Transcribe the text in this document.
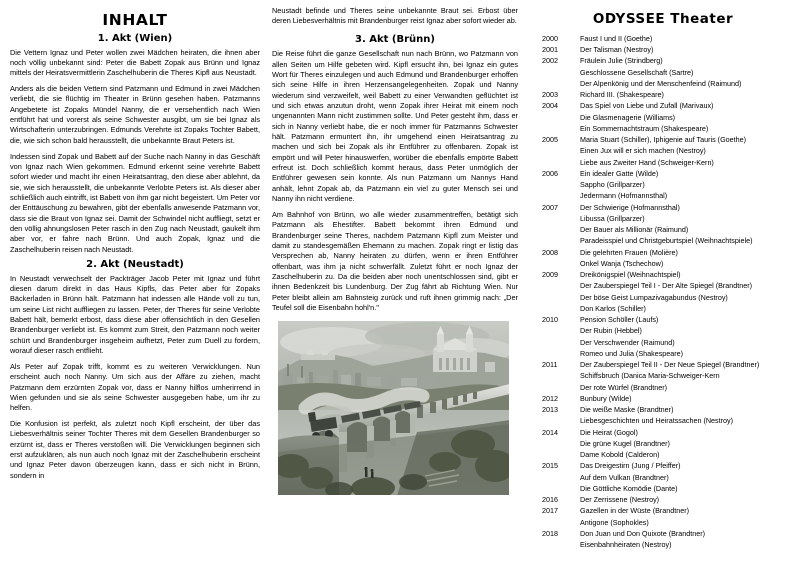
INHALT
1. Akt (Wien)

Die Vettern Ignaz und Peter wollen zwei Mädchen heiraten, die ihnen aber noch völlig unbekannt sind: Peter die Babett Zopak aus Brünn und Ignaz mittels der Heiratsvermittlerin Zaschelhuberin die Theres Kipfl aus Neustadt.

Anders als die beiden Vettern sind Patzmann und Edmund in zwei Mädchen verliebt, die sie flüchtig im Theater in Brünn gesehen haben. Patzmanns Angebetete ist Zopaks Mündel Nanny, die er versehentlich nach Wien entführt hat und vorerst als seine Schwester ausgibt, um sie bei Ignaz als Wirtschafterin unterzubringen. Edmunds Verehrte ist Zopaks Tochter Babett, die, wie sich schon bald herausstellt, die unbekannte Braut Peters ist.

Indessen sind Zopak und Babett auf der Suche nach Nanny in das Geschäft von Ignaz nach Wien gekommen. Edmund erkennt seine verehrte Babett sofort wieder und macht ihr einen Heiratsantrag, den diese aber ablehnt, da sie, wie sich herausstellt, die unbekannte Verlobte Peters ist. Als dieser aber schließlich auch eintrifft, ist Babett von ihm gar nicht begeistert. Um Peter vor der Enttäuschung zu bewahren, gibt der ebenfalls anwesende Patzmann vor, dass sie die Braut von Ignaz sei. Damit der Schwindel nicht auffliegt, setzt er den völlig ahnungslosen Peter rasch in den Zug nach Neustadt, gaukelt ihm aber vor, er fahre nach Brünn. Und auch Zopak, Ignaz und die Zaschelhuberin reisen nach Neustadt.

2. Akt (Neustadt)

In Neustadt verwechselt der Packträger Jacob Peter mit Ignaz und führt diesen darum direkt in das Haus Kipfls, das Peter aber für Zopaks Bäckerladen in Brünn hält. Patzmann hat indessen alle Hände voll zu tun, um seine List nicht auffliegen zu lassen. Peter, der Theres für seine Verlobte Babett hält, bemerkt erbost, dass diese aber offensichtlich in den Gesellen Brandenburger verliebt ist. Es kommt zum Streit, den Patzmann noch weiter schürt und Brandenburger insgeheim aufhetzt, Peter zum Duell zu fordern, worauf dieser rasch entflieht.

Als Peter auf Zopak trifft, kommt es zu weiteren Verwicklungen. Nun erscheint auch noch Nanny. Um sich aus der Affäre zu ziehen, macht Patzmann dem erzürnten Zopak vor, dass er Nanny hilflos umherirrend in Wien gefunden und sie als seine Schwester ausgegeben habe, um ihr zu helfen.

Die Konfusion ist perfekt, als zuletzt noch Kipfl erscheint, der über das Liebesverhältnis seiner Tochter Theres mit dem Gesellen Brandenburger so erzürnt ist, dass er Theres verstoßen will. Die Verwicklungen beginnen sich erst aufzuklären, als nun auch noch Ignaz mit der Zaschelhuberin erscheint und Ignaz Peter davon überzeugen kann, dass er sich nicht in Brünn, sondern in

Neustadt befinde und Theres seine unbekannte Braut sei. Erbost über deren Liebesverhältnis mit Brandenburger reist Ignaz aber sofort wieder ab.

3. Akt (Brünn)

Die Reise führt die ganze Gesellschaft nun nach Brünn, wo Patzmann von allen Seiten um Hilfe gebeten wird. Kipfl ersucht ihn, bei Ignaz ein gutes Wort für Theres einzulegen und auch Edmund und Brandenburger erhoffen sich seine Hilfe in ihren Herzensangelegenheiten. Zopak und Nanny wiederum sind verzweifelt, weil Babett zu einer Verwandten geflüchtet ist und sich etwas anzutun droht, wenn Zopak ihrer Heirat mit einem noch ungenannten Mann nicht zustimmen sollte. Und Peter gesteht ihm, dass er sich in Nanny verliebt habe, die er noch immer für Patzmanns Schwester hält. Patzmann ermuntert ihn, ihr umgehend einen Heiratsantrag zu machen und sich bei Zopak als ihr Entführer zu offenbaren. Zopak ist empört und will Peter hinauswerfen, worüber die ebenfalls empörte Babett erfreut ist. Doch schließlich kommt heraus, dass Peter unmöglich der Entführer gewesen sein konnte. Als nun Patzmann um Nannys Hand anhält, lehnt Zopak ab, da Patzmann ein viel zu guter Mensch sei und Nanny ihn nicht verdiene.

Am Bahnhof von Brünn, wo alle wieder zusammentreffen, betätigt sich Patzmann als Ehestifter. Babett bekommt ihren Edmund und Brandenburger seine Theres, nachdem Patzmann Kipfl zum Meister und damit zu standesgemäßen Ehemann zu machen. Zopak ringt er listig das Versprechen ab, Nanny heiraten zu dürfen, wenn er ihren Entführer offenbart, was ihm ja nicht schwerfällt. Zuletzt führt er noch Ignaz der Zaschelhuberin zu. Da die beiden aber noch unentschlossen sind, gibt er ihnen Bedenkzeit bis Lundenburg. Der Zug fährt ab Richtung Wien. Nur Peter bleibt allein am Bahnsteig zurück und ruft ihnen grimmig nach: „Der Teufel soll die Eisenbahn hohl'n."

ODYSSEE Theater
2000	Faust I und II (Goethe)
2001	Der Talisman (Nestroy)
2002	Fräulein Julie (Strindberg)
Geschlossene Gesellschaft (Sartre)
Der Alpenkönig und der Menschenfeind (Raimund)
2003	Richard III. (Shakespeare)
2004	Das Spiel von Liebe und Zufall (Marivaux)
Die Glasmenagerie (Williams)
Ein Sommernachtstraum (Shakespeare)
2005	Maria Stuart (Schiller), Iphigenie auf Tauris (Goethe)
Einen Jux will er sich machen (Nestroy)
Liebe aus Zweiter Hand (Schweiger-Kern)
2006	Ein idealer Gatte (Wilde)
Sappho (Grillparzer)
Jedermann (Hofmannsthal)
2007	Der Schwierige (Hofmannsthal)
Libussa (Grillparzer)
Der Bauer als Millionär (Raimund)
Paradeisspiel und Christgeburtspiel (Weihnachtspiele)
2008	Die gelehrten Frauen (Molière)
Onkel Wanja (Tschechow)
2009	Dreikönigspiel (Weihnachtspiel)
Der Zauberspiegel Teil I - Der Alte Spiegel (Brandtner)
Der böse Geist Lumpazivagabundus (Nestroy)
Don Karlos (Schiller)
2010	Pension Schöller (Laufs)
Der Rubin (Hebbel)
Der Verschwender (Raimund)
Romeo und Julia (Shakespeare)
2011	Der Zauberspiegel Teil II - Der Neue Spiegel (Brandtner)
Schiffsbruch (Danica Maria-Schweiger-Kern
Der rote Würfel (Brandtner)
2012	Bunbury (Wilde)
2013	Die weiße Maske (Brandtner)
Liebesgeschichten und Heiratssachen (Nestroy)
2014	Die Heirat (Gogol)
Die grüne Kugel (Brandtner)
Dame Kobold (Calderon)
2015	Das Dreigestirn (Jung / Pfeiffer)
Auf dem Vulkan (Brandtner)
Die Göttliche Komödie (Dante)
2016	Der Zerrissene (Nestroy)
2017	Gazellen in der Wüste (Brandtner)
Antigone (Sophokles)
2018	Don Juan und Don Quixote (Brandtner)
Eisenbahnheiraten (Nestroy)
